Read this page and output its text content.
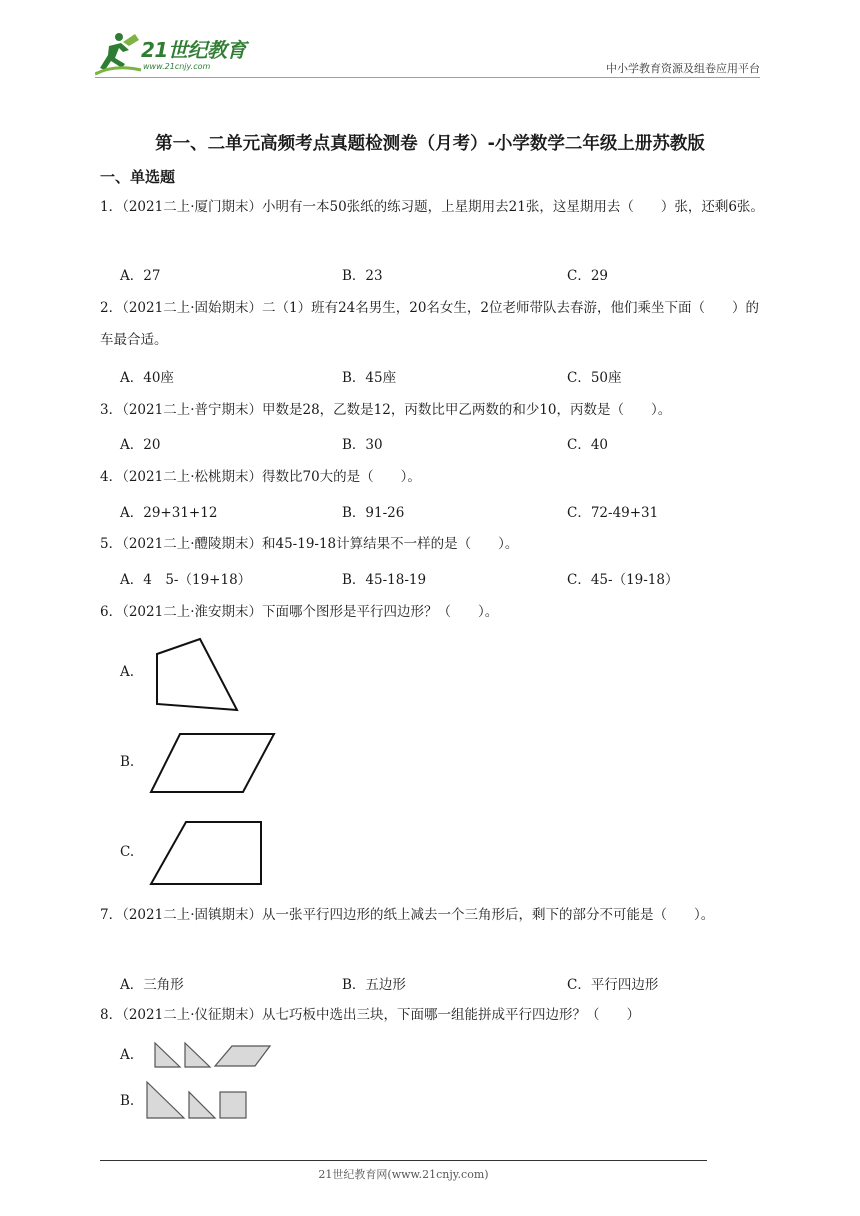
21世纪教育
www.21cnjy.com	中小学教育资源及组卷应用平台
第一、二单元高频考点真题检测卷（月考）-小学数学二年级上册苏教版
一、单选题
1．（2021二上·厦门期末）小明有一本50张纸的练习题，上星期用去21张，这星期用去（　　）张，还剩6张。
A．27	B．23	C．29
2．（2021二上·固始期末）二（1）班有24名男生，20名女生，2位老师带队去春游，他们乘坐下面（　　）的车最合适。
A．40座	B．45座	C．50座
3．（2021二上·普宁期末）甲数是28，乙数是12，丙数比甲乙两数的和少10，丙数是（　　）。
A．20	B．30	C．40
4．（2021二上·松桃期末）得数比70大的是（　　）。
A．29+31+12	B．91-26	C．72-49+31
5．（2021二上·醴陵期末）和45-19-18计算结果不一样的是（　　）。
A．4　5-（19+18）	B．45-18-19	C．45-（19-18）
6．（2021二上·淮安期末）下面哪个图形是平行四边形？（　　）。
A.
B.
C.
7．（2021二上·固镇期末）从一张平行四边形的纸上减去一个三角形后，剩下的部分不可能是（　　）。
A．三角形	B．五边形	C．平行四边形
8．（2021二上·仪征期末）从七巧板中选出三块，下面哪一组能拼成平行四边形？（　　）
A.
B.
21世纪教育网(www.21cnjy.com)
